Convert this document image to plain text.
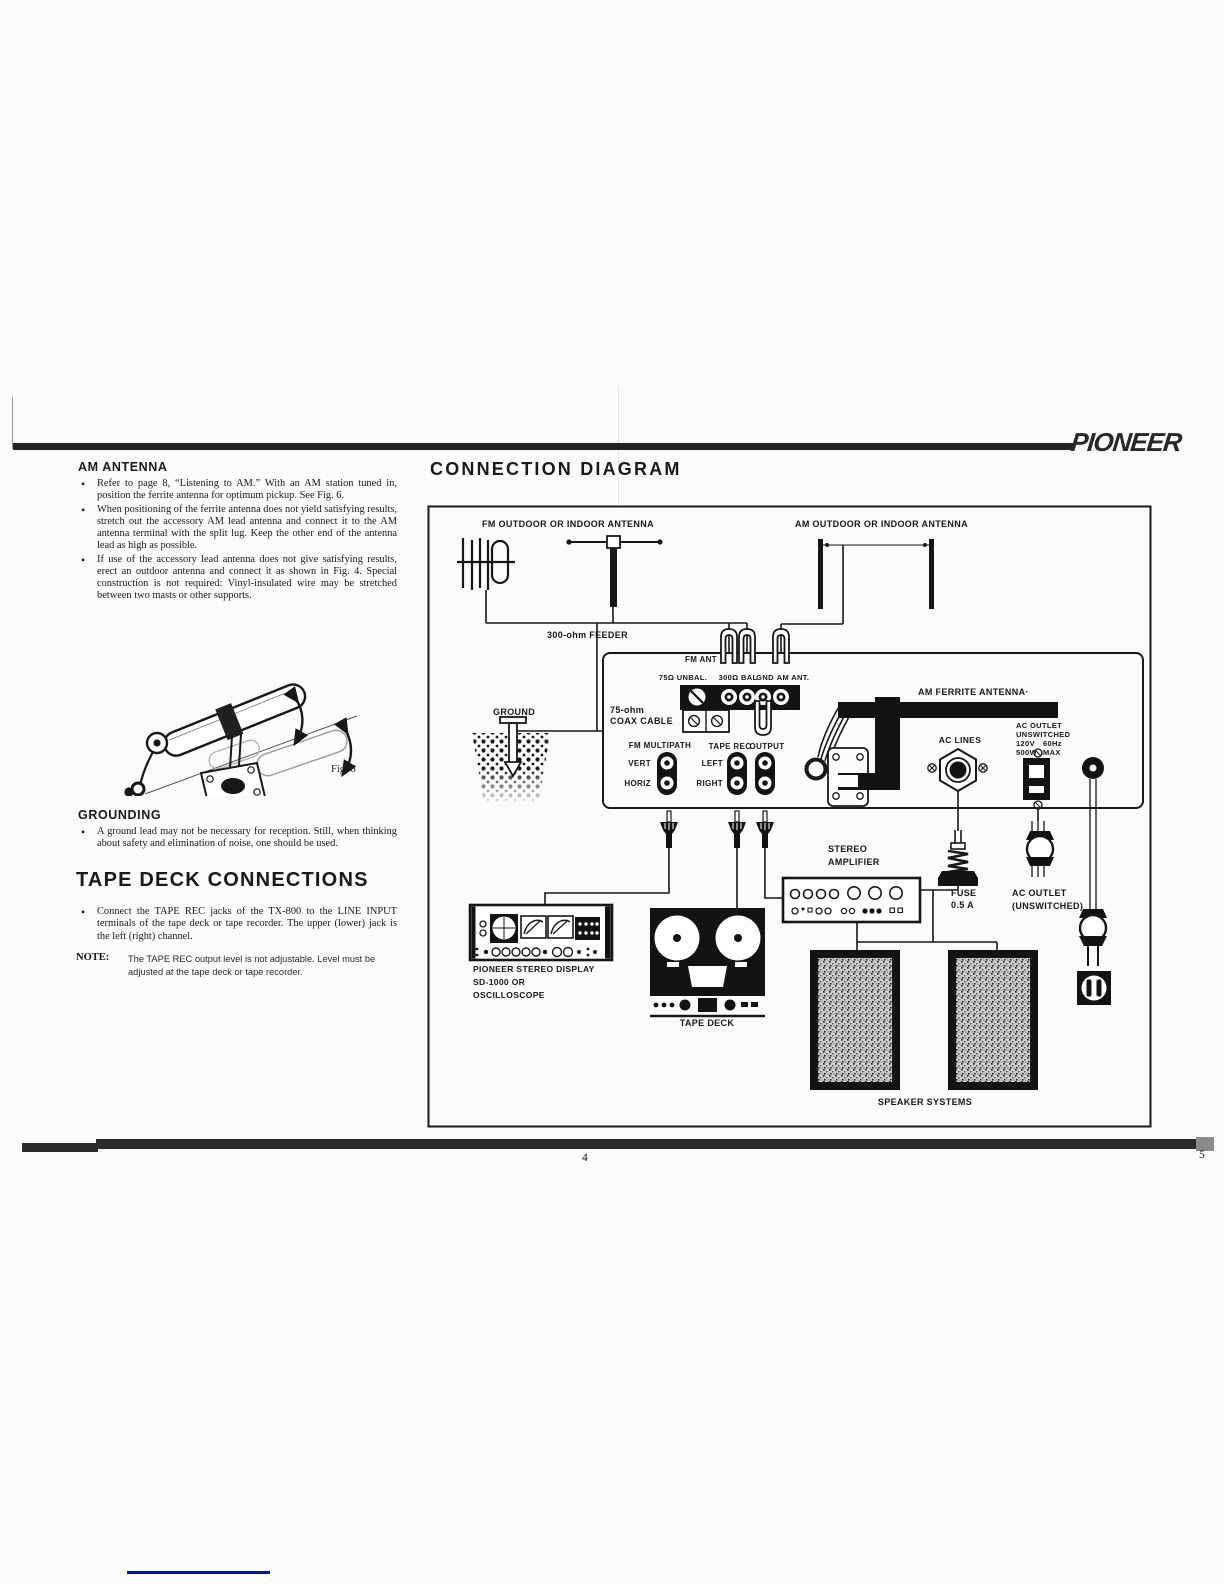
PIONEER
AM ANTENNA

• Refer to page 8, “Listening to AM.” With an AM station tuned in, position the ferrite antenna for optimum pickup. See Fig. 6.

• When positioning of the ferrite antenna does not yield satisfying results, stretch out the accessory AM lead antenna and connect it to the AM antenna terminal with the split lug. Keep the other end of the antenna lead as high as possible.

• If use of the accessory lead antenna does not give satisfying results, erect an outdoor antenna and connect it as shown in Fig. 4. Special construction is not required: Vinyl-insulated wire may be stretched between two masts or other supports.

Fig. 6
GROUNDING

• A ground lead may not be necessary for reception. Still, when thinking about safety and elimination of noise, one should be used.

TAPE DECK CONNECTIONS

• Connect the TAPE REC jacks of the TX-800 to the LINE INPUT terminals of the tape deck or tape recorder. The upper (lower) jack is the left (right) channel.

NOTE: The TAPE REC output level is not adjustable. Level must be adjusted at the tape deck or tape recorder.
CONNECTION DIAGRAM
FM OUTDOOR OR INDOOR ANTENNA	AM OUTDOOR OR INDOOR ANTENNA
300-ohm FEEDER
FM ANT
75Ω UNBAL. 300Ω BAL
GND AM ANT.
GROUND	75-ohm
COAX CABLE
FM MULTIPATH
VERT
HORIZ
TAPE REC
LEFT
RIGHT
OUTPUT
AM FERRITE ANTENNA·
AC LINES
AC OUTLET
UNSWITCHED
120V 60Hz
500W MAX
STEREO
AMPLIFIER
FUSE
0.5 A
AC OUTLET
(UNSWITCHED)
PIONEER STEREO DISPLAY
SD-1000 OR
OSCILLOSCOPE
TAPE DECK
SPEAKER SYSTEMS
4	5
